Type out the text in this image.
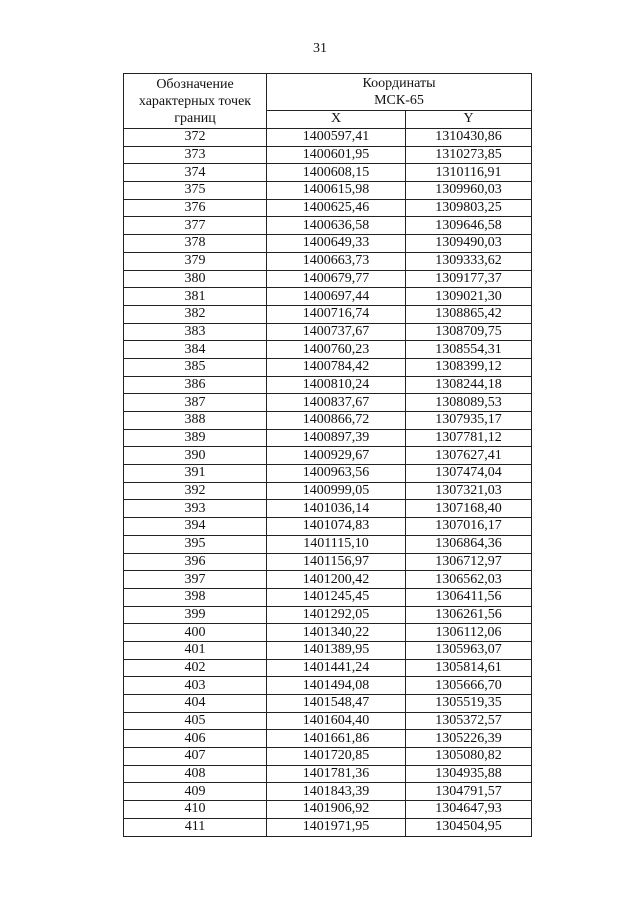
31
Обозначение
характерных точек
границ	Координаты
МСК-65	

	X	Y
372	1400597,41	1310430,86
373	1400601,95	1310273,85
374	1400608,15	1310116,91
375	1400615,98	1309960,03
376	1400625,46	1309803,25
377	1400636,58	1309646,58
378	1400649,33	1309490,03
379	1400663,73	1309333,62
380	1400679,77	1309177,37
381	1400697,44	1309021,30
382	1400716,74	1308865,42
383	1400737,67	1308709,75
384	1400760,23	1308554,31
385	1400784,42	1308399,12
386	1400810,24	1308244,18
387	1400837,67	1308089,53
388	1400866,72	1307935,17
389	1400897,39	1307781,12
390	1400929,67	1307627,41
391	1400963,56	1307474,04
392	1400999,05	1307321,03
393	1401036,14	1307168,40
394	1401074,83	1307016,17
395	1401115,10	1306864,36
396	1401156,97	1306712,97
397	1401200,42	1306562,03
398	1401245,45	1306411,56
399	1401292,05	1306261,56
400	1401340,22	1306112,06
401	1401389,95	1305963,07
402	1401441,24	1305814,61
403	1401494,08	1305666,70
404	1401548,47	1305519,35
405	1401604,40	1305372,57
406	1401661,86	1305226,39
407	1401720,85	1305080,82
408	1401781,36	1304935,88
409	1401843,39	1304791,57
410	1401906,92	1304647,93
411	1401971,95	1304504,95
